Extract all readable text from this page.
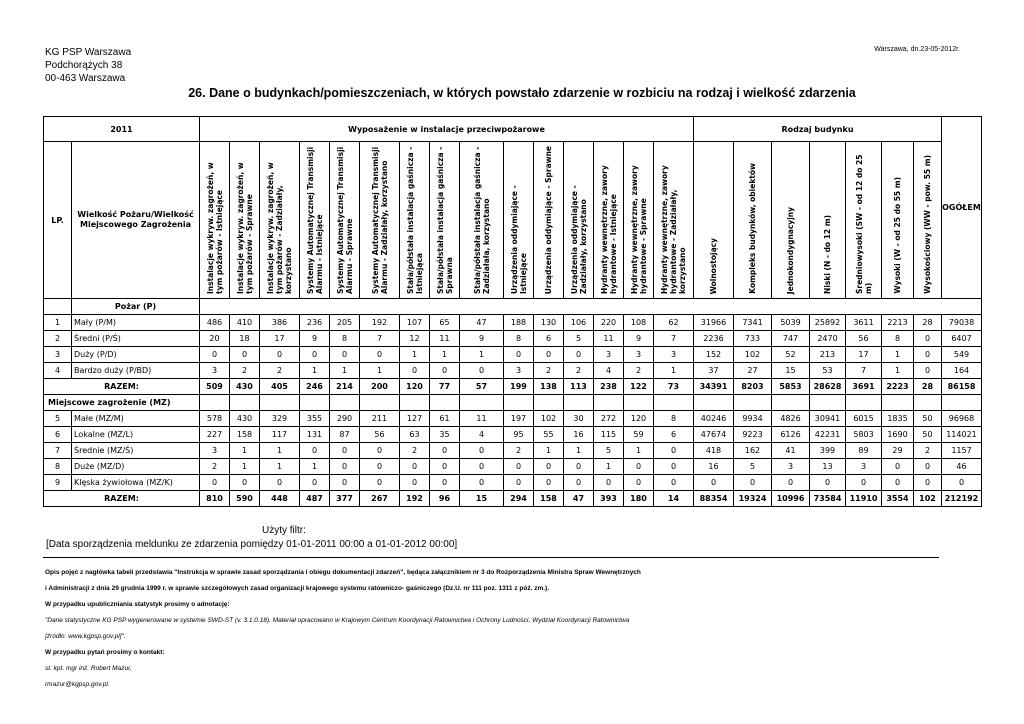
KG PSP Warszawa
Podchorążych 38
00-463 Warszawa
Warszawa, dn.23-05-2012r.
26. Dane o budynkach/pomieszczeniach, w których powstało zdarzenie w rozbiciu na rodzaj i wielkość zdarzenia
2011		Wyposażenie w instalacje przeciwpożarowe															Rodzaj budynku							OGÓŁEM
LP.	Wielkość Pożaru/Wielkość Miejscowego Zagrożenia	Instalacje wykryw. zagrożeń, w tym pożarów - Istniejące	Instalacje wykryw. zagrożeń, w tym pożarów - Sprawne	Instalacje wykryw. zagrożeń, w tym pożarów - Zadziałały, korzystano	Systemy Automatycznej Transmisji Alarmu - Istniejące	Systemy Automatycznej Transmisji Alarmu - Sprawne	Systemy Automatycznej Transmisji Alarmu - Zadziałały, korzystano	Stała/półstała instalacja gaśnicza - Istniejąca	Stała/półstała instalacja gaśnicza - Sprawna	Stała/półstała instalacja gaśnicza - Zadziałała, korzystano	Urządzenia oddymiające - Istniejące	Urządzenia oddymiające - Sprawne	Urządzenia oddymiające - Zadziałały, korzystano	Hydranty wewnętrzne, zawory hydrantowe - Istniejące	Hydranty wewnętrzne, zawory hydrantowe - Sprawne	Hydranty wewnętrzne, zawory hydrantowe - Zadziałały, korzystano	Wolnostojący	Kompleks budynków, obiektów	Jednokondygnacyjny	Niski (N - do 12 m)	Średniowysoki (SW - od 12 do 25 m)	Wysoki (W - od 25 do 55 m)	Wysokościowy (WW - pow. 55 m)	
	Pożar (P)																							
1	Mały (P/M)	486	410	386	236	205	192	107	65	47	188	130	106	220	108	62	31966	7341	5039	25892	3611	2213	28	79038
2	Średni (P/Ś)	20	18	17	9	8	7	12	11	9	8	6	5	11	9	7	2236	733	747	2470	56	8	0	6407
3	Duży (P/D)	0	0	0	0	0	0	1	1	1	0	0	0	3	3	3	152	102	52	213	17	1	0	549
4	Bardzo duży (P/BD)	3	2	2	1	1	1	0	0	0	3	2	2	4	2	1	37	27	15	53	7	1	0	164
RAZEM:		509	430	405	246	214	200	120	77	57	199	138	113	238	122	73	34391	8203	5853	28628	3691	2223	28	86158
Miejscowe zagrożenie (MZ)																								
5	Małe (MZ/M)	578	430	329	355	290	211	127	61	11	197	102	30	272	120	8	40246	9934	4826	30941	6015	1835	50	96968
6	Lokalne (MZ/L)	227	158	117	131	87	56	63	35	4	95	55	16	115	59	6	47674	9223	6126	42231	5803	1690	50	114021
7	Średnie (MZ/Ś)	3	1	1	0	0	0	2	0	0	2	1	1	5	1	0	418	162	41	399	89	29	2	1157
8	Duże (MZ/D)	2	1	1	1	0	0	0	0	0	0	0	0	1	0	0	16	5	3	13	3	0	0	46
9	Klęska żywiołowa (MZ/K)	0	0	0	0	0	0	0	0	0	0	0	0	0	0	0	0	0	0	0	0	0	0	0
RAZEM:		810	590	448	487	377	267	192	96	15	294	158	47	393	180	14	88354	19324	10996	73584	11910	3554	102	212192
Użyty filtr:
[Data sporządzenia meldunku ze zdarzenia pomiędzy 01-01-2011 00:00 a 01-01-2012 00:00]
Opis pojęć z nagłówka tabeli przedstawia "Instrukcja w sprawie zasad sporządzania i obiegu dokumentacji zdarzeń", będąca załącznikiem nr 3 do Rozporządzenia Ministra Spraw Wewnętrznych
i Administracji z dnia 29 grudnia 1999 r. w sprawie szczegółowych zasad organizacji krajowego systemu ratowniczo- gaśniczego (Dz.U. nr 111 poz. 1311 z póź. zm.).
W przypadku upubliczniania statystyk prosimy o adnotację:
"Dane statystyczne KG PSP wygenerowane w systemie SWD-ST (v. 3.1.0.18). Materiał opracowano w Krajowym Centrum Koordynacji Ratownictwa i Ochrony Ludności, Wydział Koordynacji Ratownictwa
[źródło: www.kgpsp.gov.pl]".
W przypadku pytań prosimy o kontakt:
st. kpt. mgr inż. Robert Mazur,
rmazur@kgpsp.gov.pl.
